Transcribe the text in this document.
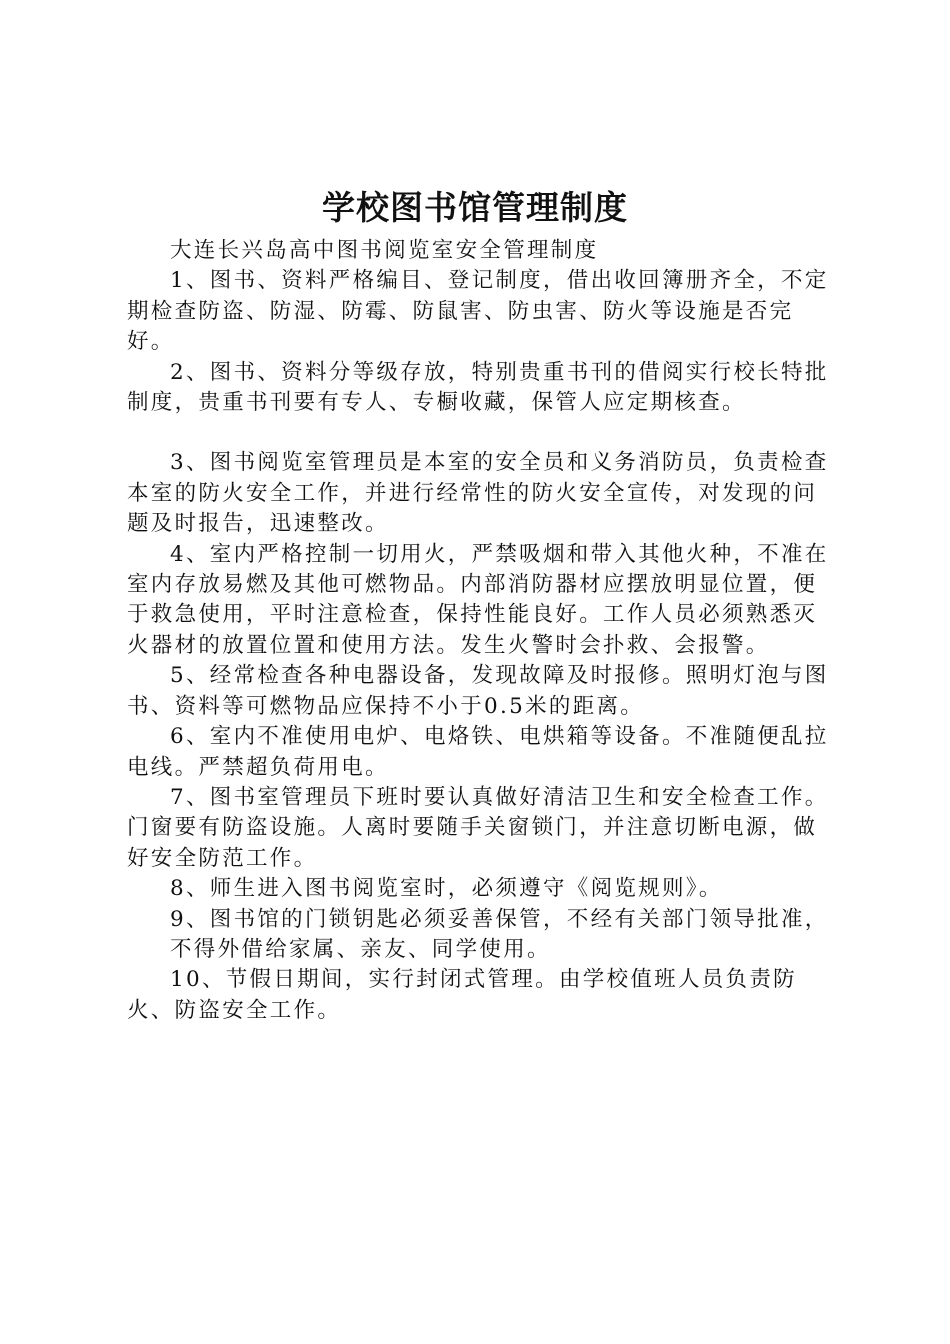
学校图书馆管理制度

大连长兴岛高中图书阅览室安全管理制度

1、图书、资料严格编目、登记制度，借出收回簿册齐全，不定期检查防盗、防湿、防霉、防鼠害、防虫害、防火等设施是否完好。

2、图书、资料分等级存放，特别贵重书刊的借阅实行校长特批制度，贵重书刊要有专人、专橱收藏，保管人应定期核查。

3、图书阅览室管理员是本室的安全员和义务消防员，负责检查本室的防火安全工作，并进行经常性的防火安全宣传，对发现的问题及时报告，迅速整改。

4、室内严格控制一切用火，严禁吸烟和带入其他火种，不准在室内存放易燃及其他可燃物品。内部消防器材应摆放明显位置，便于救急使用，平时注意检查，保持性能良好。工作人员必须熟悉灭火器材的放置位置和使用方法。发生火警时会扑救、会报警。

5、经常检查各种电器设备，发现故障及时报修。照明灯泡与图书、资料等可燃物品应保持不小于0.5米的距离。

6、室内不准使用电炉、电烙铁、电烘箱等设备。不准随便乱拉电线。严禁超负荷用电。

7、图书室管理员下班时要认真做好清洁卫生和安全检查工作。门窗要有防盗设施。人离时要随手关窗锁门，并注意切断电源，做好安全防范工作。

8、师生进入图书阅览室时，必须遵守《阅览规则》。

9、图书馆的门锁钥匙必须妥善保管，不经有关部门领导批准，

不得外借给家属、亲友、同学使用。

10、节假日期间，实行封闭式管理。由学校值班人员负责防火、防盗安全工作。
